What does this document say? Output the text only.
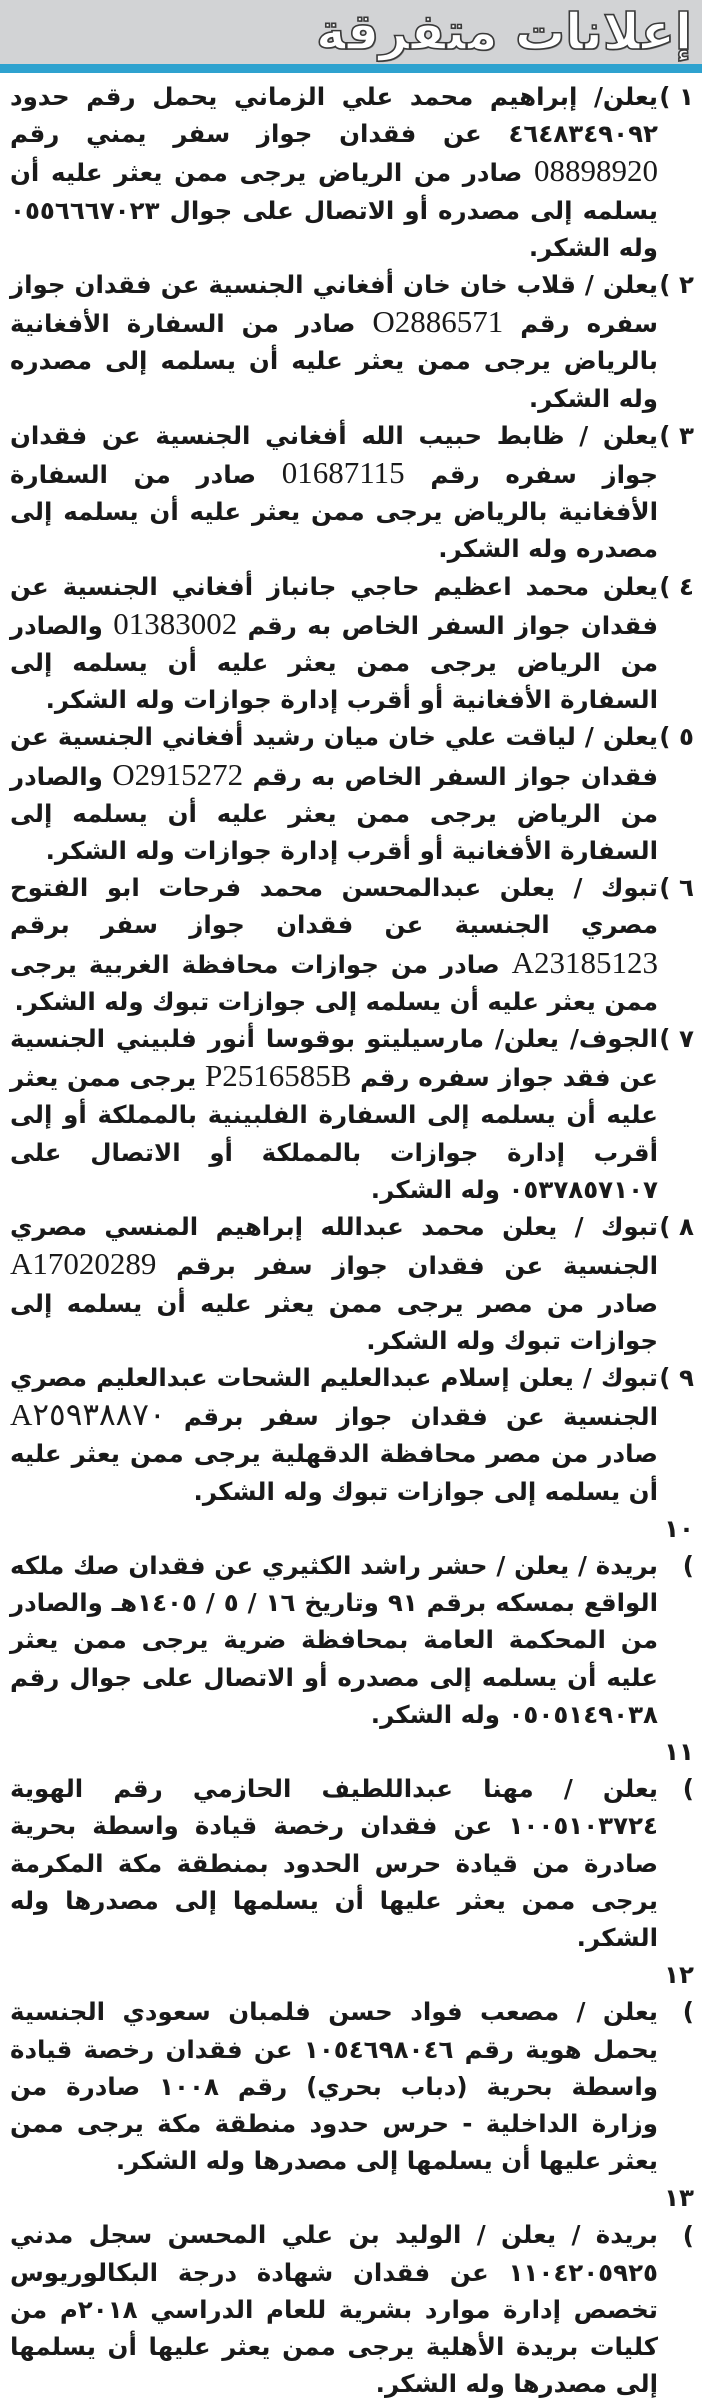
إعلانات متفرقة

١ )يعلن/ إبراهيم محمد علي الزماني يحمل رقم حدود ٤٦٤٨٣٤٩٠٩٢ عن فقدان جواز سفر يمني رقم 08898920 صادر من الرياض يرجى ممن يعثر عليه أن يسلمه إلى مصدره أو الاتصال على جوال ٠٥٥٦٦٦٧٠٢٣ وله الشكر.

٢ )يعلن / قلاب خان خان أفغاني الجنسية عن فقدان جواز سفره رقم O2886571 صادر من السفارة الأفغانية بالرياض يرجى ممن يعثر عليه أن يسلمه إلى مصدره وله الشكر.

٣ )يعلن / ظابط حبيب الله أفغاني الجنسية عن فقدان جواز سفره رقم 01687115 صادر من السفارة الأفغانية بالرياض يرجى ممن يعثر عليه أن يسلمه إلى مصدره وله الشكر.

٤ )يعلن محمد اعظيم حاجي جانباز أفغاني الجنسية عن فقدان جواز السفر الخاص به رقم 01383002 والصادر من الرياض يرجى ممن يعثر عليه أن يسلمه إلى السفارة الأفغانية أو أقرب إدارة جوازات وله الشكر.

٥ )يعلن / لياقت علي خان ميان رشيد أفغاني الجنسية عن فقدان جواز السفر الخاص به رقم O2915272 والصادر من الرياض يرجى ممن يعثر عليه أن يسلمه إلى السفارة الأفغانية أو أقرب إدارة جوازات وله الشكر.

٦ )تبوك / يعلن عبدالمحسن محمد فرحات ابو الفتوح مصري الجنسية عن فقدان جواز سفر برقم A23185123 صادر من جوازات محافظة الغربية يرجى ممن يعثر عليه أن يسلمه إلى جوازات تبوك وله الشكر.

٧ )الجوف/ يعلن/ مارسيليتو بوقوسا أنور فلبيني الجنسية عن فقد جواز سفره رقم P2516585B يرجى ممن يعثر عليه أن يسلمه إلى السفارة الفلبينية بالمملكة أو إلى أقرب إدارة جوازات بالمملكة أو الاتصال على ٠٥٣٧٨٥٧١٠٧ وله الشكر.

٨ )تبوك / يعلن محمد عبدالله إبراهيم المنسي مصري الجنسية عن فقدان جواز سفر برقم A17020289 صادر من مصر يرجى ممن يعثر عليه أن يسلمه إلى جوازات تبوك وله الشكر.

٩ )تبوك / يعلن إسلام عبدالعليم الشحات عبدالعليم مصري الجنسية عن فقدان جواز سفر برقم A٢٥٩٣٨٨٧٠ صادر من مصر محافظة الدقهلية يرجى ممن يعثر عليه أن يسلمه إلى جوازات تبوك وله الشكر.

١٠ )بريدة / يعلن / حشر راشد الكثيري عن فقدان صك ملكه الواقع بمسكه برقم ٩١ وتاريخ ١٦ / ٥ / ١٤٠٥هـ والصادر من المحكمة العامة بمحافظة ضرية يرجى ممن يعثر عليه أن يسلمه إلى مصدره أو الاتصال على جوال رقم ٠٥٠٥١٤٩٠٣٨ وله الشكر.

١١ )يعلن / مهنا عبداللطيف الحازمي رقم الهوية ١٠٠٥١٠٣٧٢٤ عن فقدان رخصة قيادة واسطة بحرية صادرة من قيادة حرس الحدود بمنطقة مكة المكرمة يرجى ممن يعثر عليها أن يسلمها إلى مصدرها وله الشكر.

١٢ )يعلن / مصعب فواد حسن فلمبان سعودي الجنسية يحمل هوية رقم ١٠٥٤٦٩٨٠٤٦ عن فقدان رخصة قيادة واسطة بحرية (دباب بحري) رقم ١٠٠٨ صادرة من وزارة الداخلية - حرس حدود منطقة مكة يرجى ممن يعثر عليها أن يسلمها إلى مصدرها وله الشكر.

١٣ )بريدة / يعلن / الوليد بن علي المحسن سجل مدني ١١٠٤٢٠٥٩٢٥ عن فقدان شهادة درجة البكالوريوس تخصص إدارة موارد بشرية للعام الدراسي ٢٠١٨م من كليات بريدة الأهلية يرجى ممن يعثر عليها أن يسلمها إلى مصدرها وله الشكر.
